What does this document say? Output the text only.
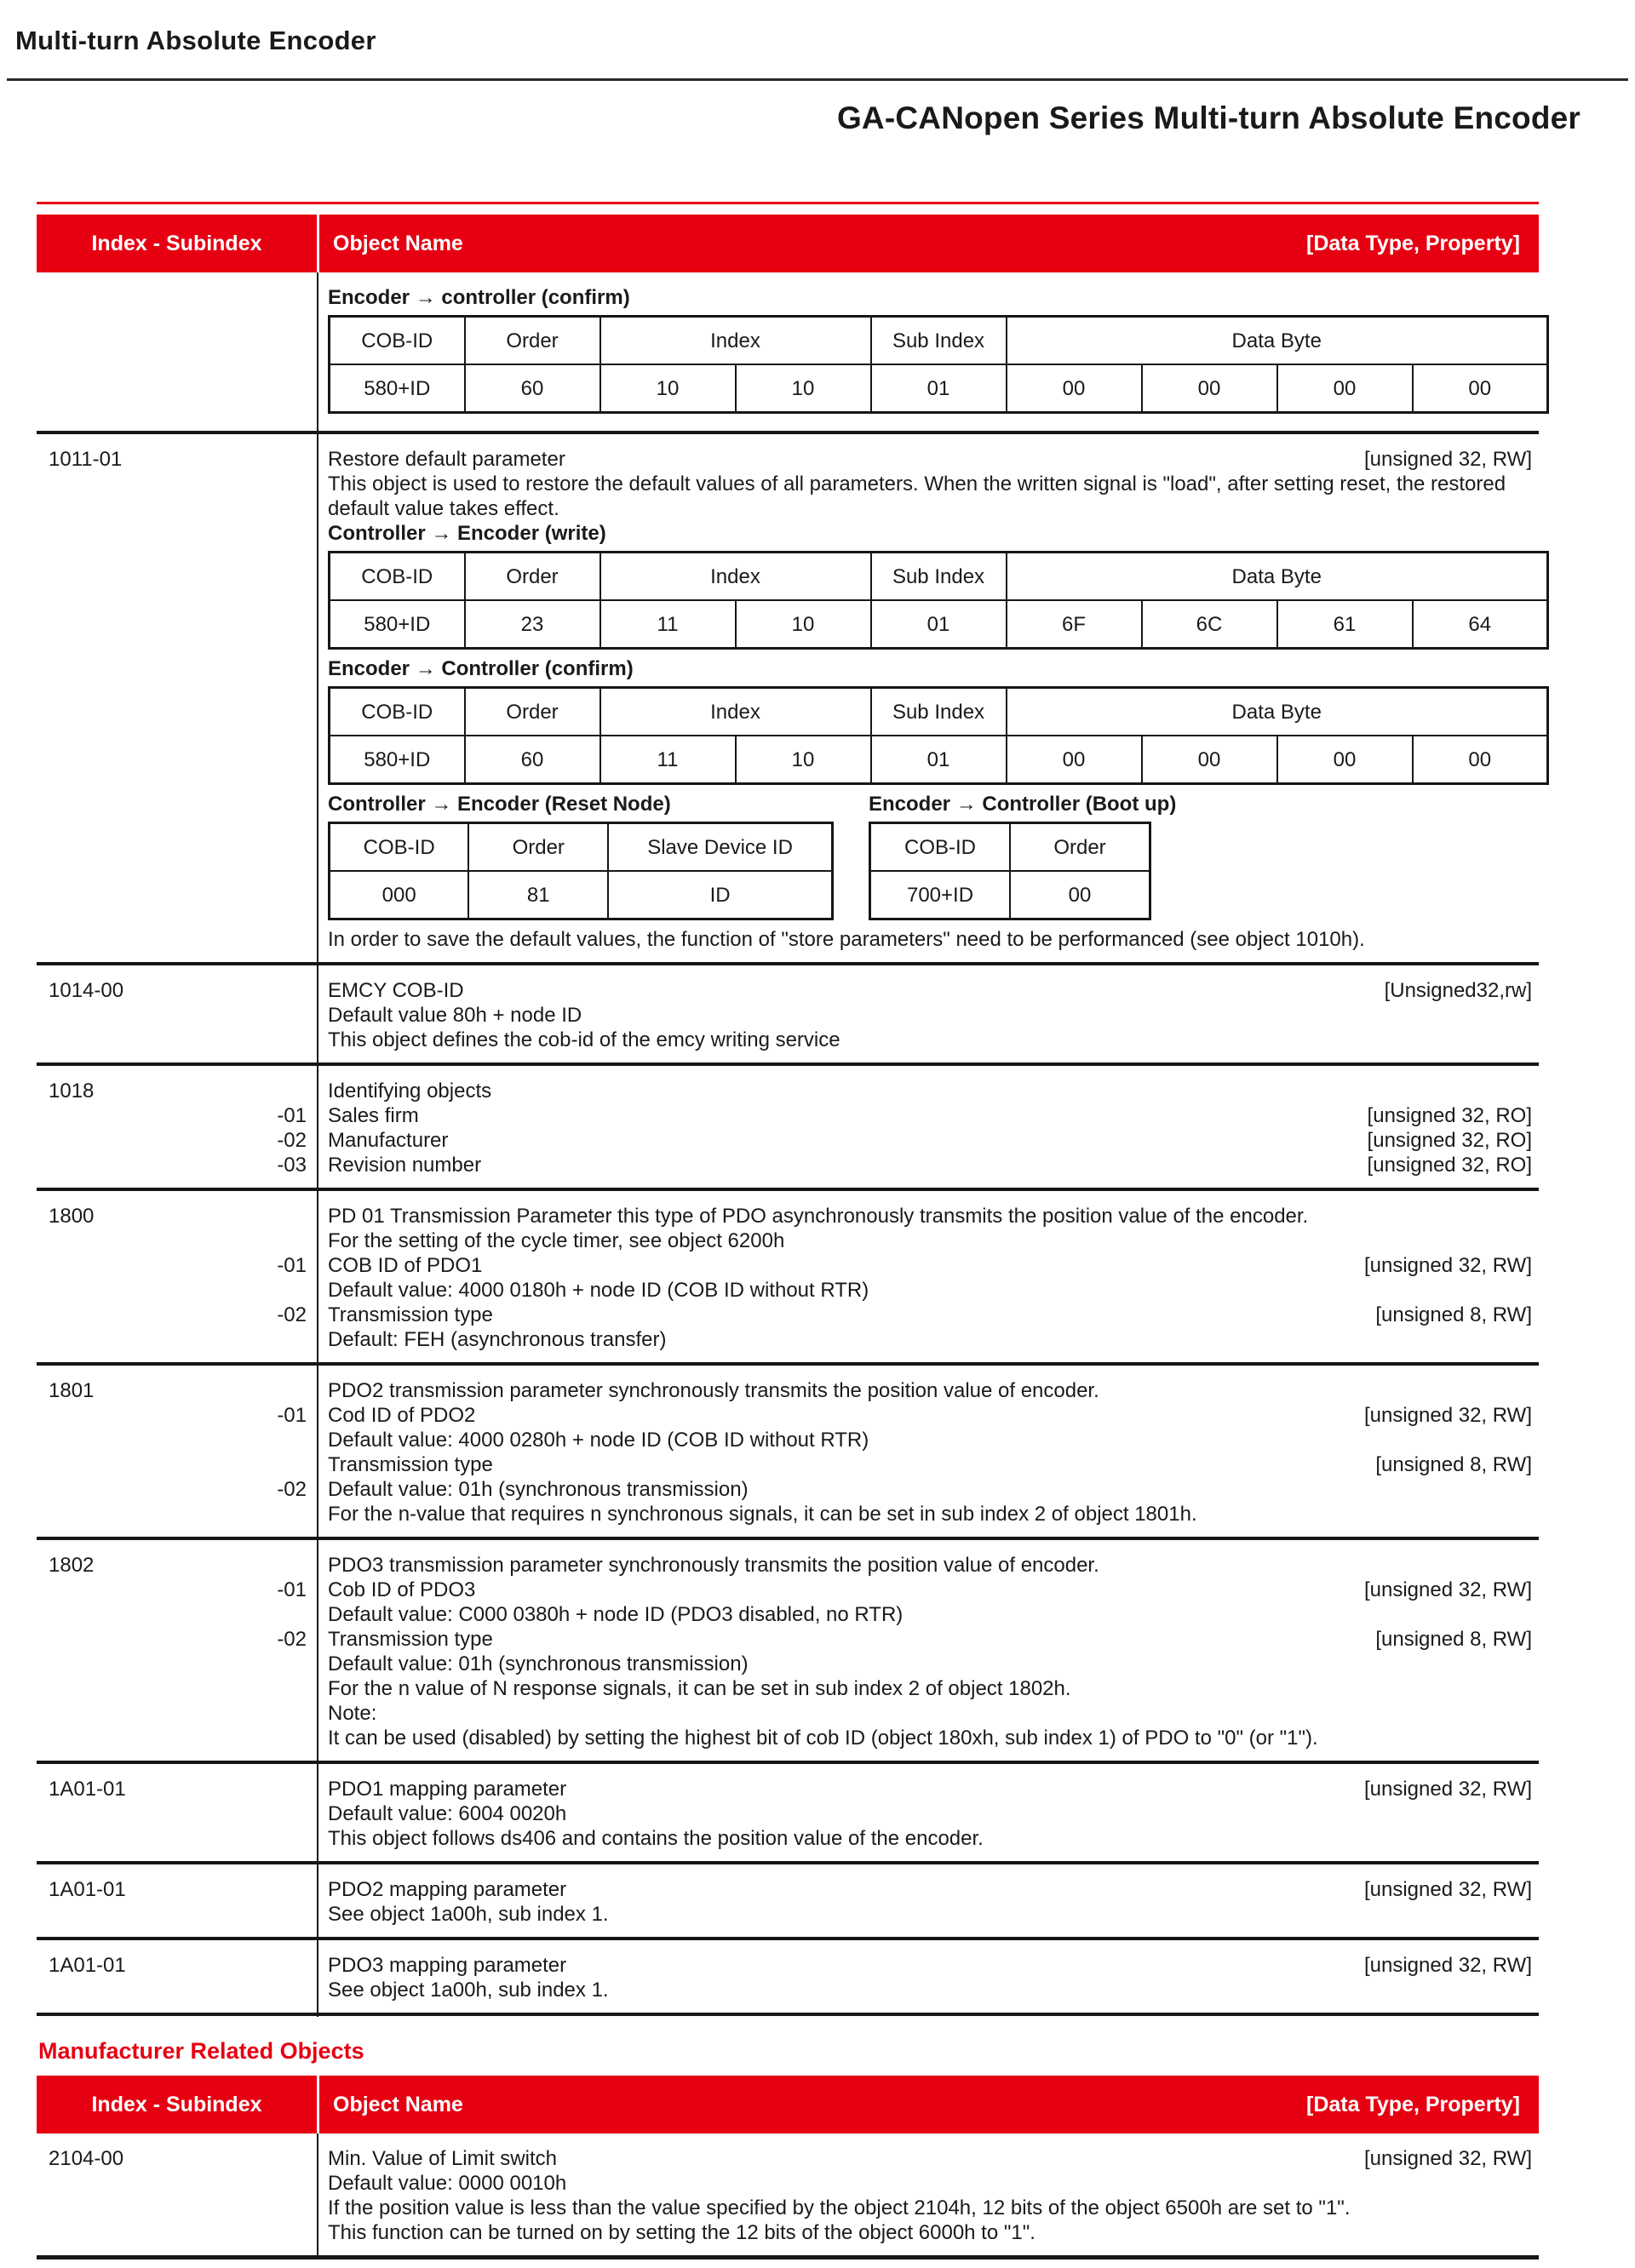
Multi-turn Absolute Encoder
GA-CANopen Series Multi-turn Absolute Encoder
Index - Subindex	Object Name	[Data Type, Property]
Encoder → controller (confirm)
COB-ID	Order	Index		Sub Index	Data Byte			
580+ID	60	10	10	01	00	00	00	00
1011-01	Restore default parameter	[unsigned 32, RW]
This object is used to restore the default values of all parameters. When the written signal is "load", after setting reset, the restored default value takes effect.
Controller → Encoder (write)
COB-ID	Order	Index		Sub Index	Data Byte			
580+ID	23	11	10	01	6F	6C	61	64
Encoder → Controller (confirm)
COB-ID	Order	Index		Sub Index	Data Byte			
580+ID	60	11	10	01	00	00	00	00
Controller → Encoder (Reset Node)	Encoder → Controller (Boot up)
COB-ID	Order	Slave Device ID
000	81	ID
COB-ID	Order
700+ID	00
In order to save the default values, the function of "store parameters" need to be performanced (see object 1010h).
1014-00	EMCY COB-ID	[Unsigned32,rw]
Default value 80h + node ID
This object defines the cob-id of the emcy writing service
1018	Identifying objects
-01 Sales firm	[unsigned 32, RO]
-02 Manufacturer	[unsigned 32, RO]
-03 Revision number	[unsigned 32, RO]
1800	PD 01 Transmission Parameter this type of PDO asynchronously transmits the position value of the encoder.
For the setting of the cycle timer, see object 6200h
-01 COB ID of PDO1	[unsigned 32, RW]
Default value: 4000 0180h + node ID (COB ID without RTR)
-02 Transmission type	[unsigned 8, RW]
Default: FEH (asynchronous transfer)
1801	PDO2 transmission parameter synchronously transmits the position value of encoder.
-01 Cod ID of PDO2	[unsigned 32, RW]
Default value: 4000 0280h + node ID (COB ID without RTR)
Transmission type	[unsigned 8, RW]
-02 Default value: 01h (synchronous transmission)
For the n-value that requires n synchronous signals, it can be set in sub index 2 of object 1801h.
1802	PDO3 transmission parameter synchronously transmits the position value of encoder.
-01 Cob ID of PDO3	[unsigned 32, RW]
Default value: C000 0380h + node ID (PDO3 disabled, no RTR)
-02 Transmission type	[unsigned 8, RW]
Default value: 01h (synchronous transmission)
For the n value of N response signals, it can be set in sub index 2 of object 1802h.
Note:
It can be used (disabled) by setting the highest bit of cob ID (object 180xh, sub index 1) of PDO to "0" (or "1").
1A01-01	PDO1 mapping parameter	[unsigned 32, RW]
Default value: 6004 0020h
This object follows ds406 and contains the position value of the encoder.
1A01-01	PDO2 mapping parameter	[unsigned 32, RW]
See object 1a00h, sub index 1.
1A01-01	PDO3 mapping parameter	[unsigned 32, RW]
See object 1a00h, sub index 1.
Manufacturer Related Objects
Index - Subindex	Object Name	[Data Type, Property]
2104-00	Min. Value of Limit switch	[unsigned 32, RW]
Default value: 0000 0010h
If the position value is less than the value specified by the object 2104h, 12 bits of the object 6500h are set to "1".
This function can be turned on by setting the 12 bits of the object 6000h to "1".
